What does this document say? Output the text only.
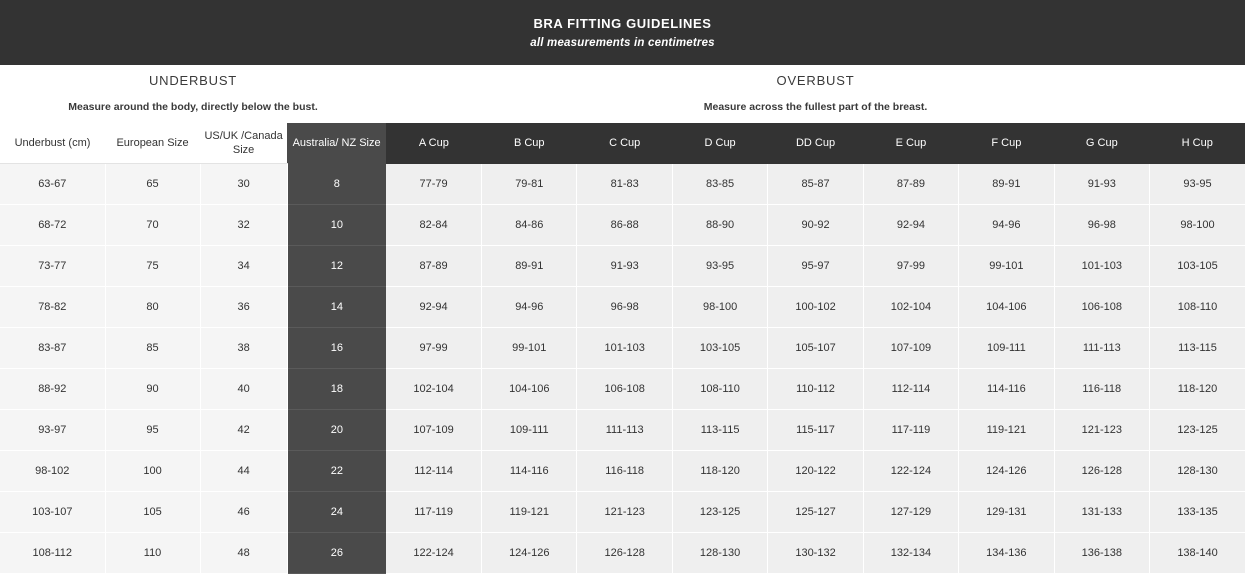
BRA FITTING GUIDELINES
all measurements in centimetres
UNDERBUST
Measure around the body, directly below the bust.
OVERBUST
Measure across the fullest part of the breast.
Underbust (cm)	European Size	US/UK /Canada Size	Australia/ NZ Size	A Cup	B Cup	C Cup	D Cup	DD Cup	E Cup	F Cup	G Cup	H Cup
63-67	65	30	8	77-79	79-81	81-83	83-85	85-87	87-89	89-91	91-93	93-95
68-72	70	32	10	82-84	84-86	86-88	88-90	90-92	92-94	94-96	96-98	98-100
73-77	75	34	12	87-89	89-91	91-93	93-95	95-97	97-99	99-101	101-103	103-105
78-82	80	36	14	92-94	94-96	96-98	98-100	100-102	102-104	104-106	106-108	108-110
83-87	85	38	16	97-99	99-101	101-103	103-105	105-107	107-109	109-111	111-113	113-115
88-92	90	40	18	102-104	104-106	106-108	108-110	110-112	112-114	114-116	116-118	118-120
93-97	95	42	20	107-109	109-111	111-113	113-115	115-117	117-119	119-121	121-123	123-125
98-102	100	44	22	112-114	114-116	116-118	118-120	120-122	122-124	124-126	126-128	128-130
103-107	105	46	24	117-119	119-121	121-123	123-125	125-127	127-129	129-131	131-133	133-135
108-112	110	48	26	122-124	124-126	126-128	128-130	130-132	132-134	134-136	136-138	138-140
